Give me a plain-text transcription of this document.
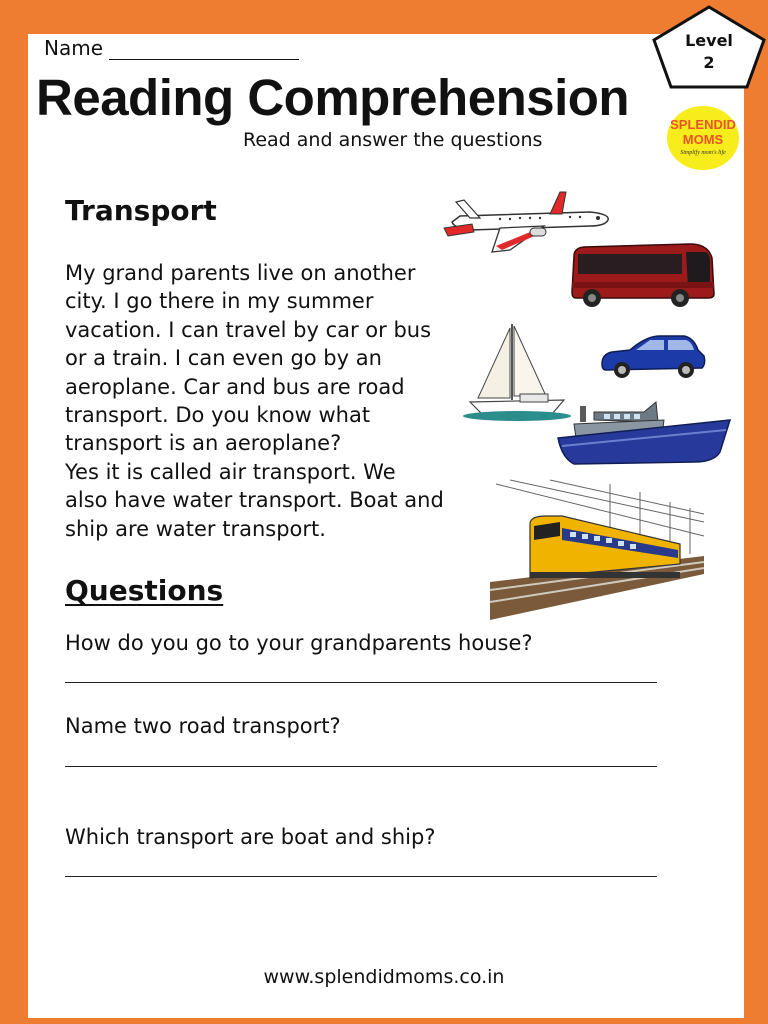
Name
Reading Comprehension
Read and answer the questions
Level
2
SPLENDID
MOMS
Simplify mom's life
Transport
My grand parents live on another
city. I go there in my summer
vacation. I can travel by car or bus
or a train. I can even go by an
aeroplane. Car and bus are road
transport. Do you know what
transport is an aeroplane?
Yes it is called air transport. We
also have water transport. Boat and
ship are water transport.
Questions
How do you go to your grandparents house?
Name two road transport?
Which transport are boat and ship?
www.splendidmoms.co.in
